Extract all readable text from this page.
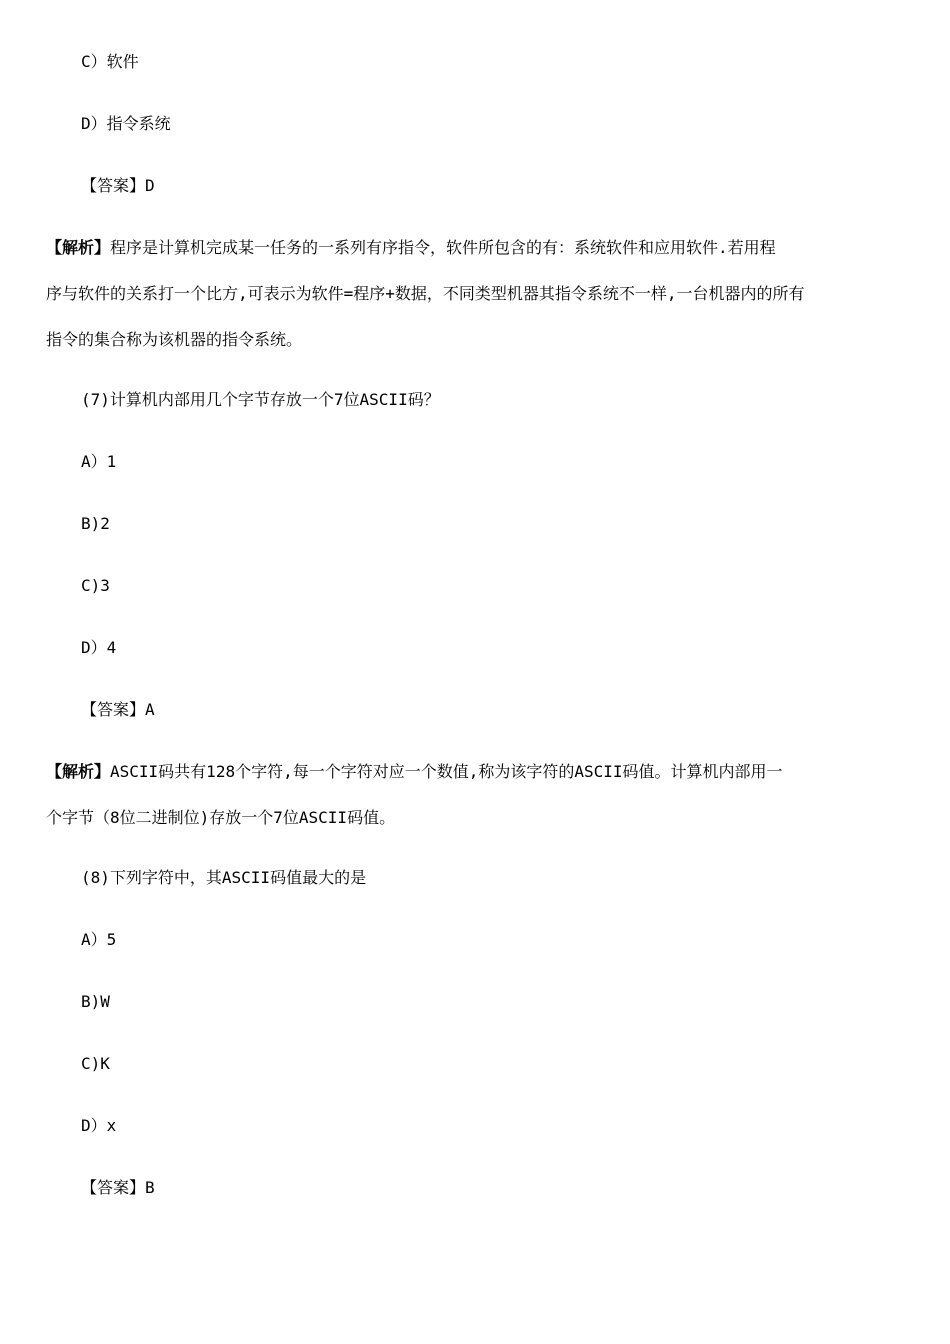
C）软件
D）指令系统
【答案】D
【解析】程序是计算机完成某一任务的一系列有序指令，软件所包含的有：系统软件和应用软件.若用程
序与软件的关系打一个比方,可表示为软件=程序+数据，不同类型机器其指令系统不一样,一台机器内的所有
指令的集合称为该机器的指令系统。
(7)计算机内部用几个字节存放一个7位ASCII码？
A）1
B)2
C)3
D）4
【答案】A
【解析】ASCII码共有128个字符,每一个字符对应一个数值,称为该字符的ASCII码值。计算机内部用一
个字节（8位二进制位)存放一个7位ASCII码值。
(8)下列字符中，其ASCII码值最大的是
A）5
B)W
C)K
D）x
【答案】B
